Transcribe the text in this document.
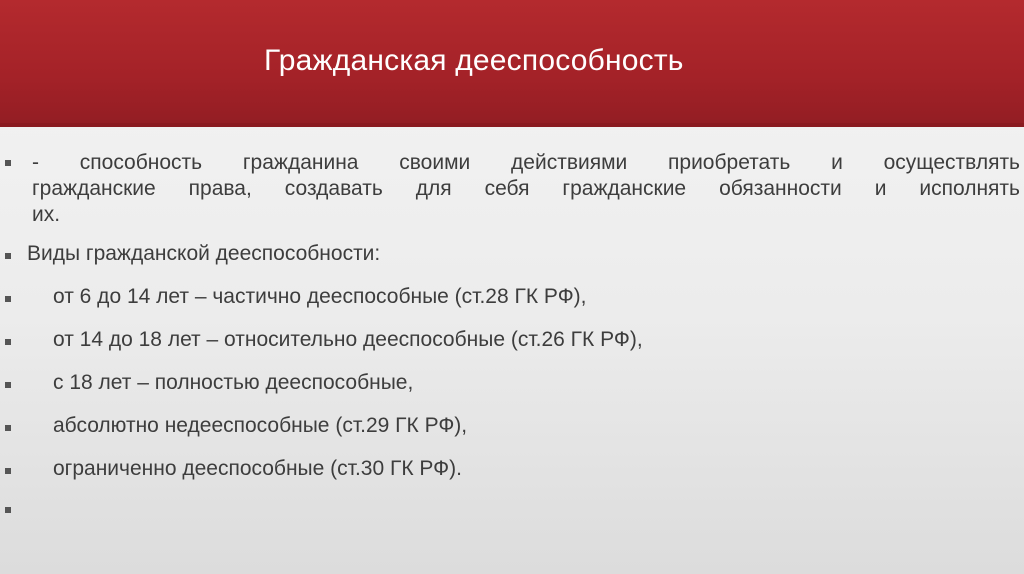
Гражданская дееспособность
- способность гражданина своими действиями приобретать и осуществлять
гражданские права, создавать для себя гражданские обязанности и исполнять
их.
Виды гражданской дееспособности:
от 6 до 14 лет – частично дееспособные (ст.28 ГК РФ),
от 14 до 18 лет – относительно дееспособные (ст.26 ГК РФ),
с 18 лет – полностью дееспособные,
абсолютно недееспособные (ст.29 ГК РФ),
ограниченно дееспособные (ст.30 ГК РФ).
